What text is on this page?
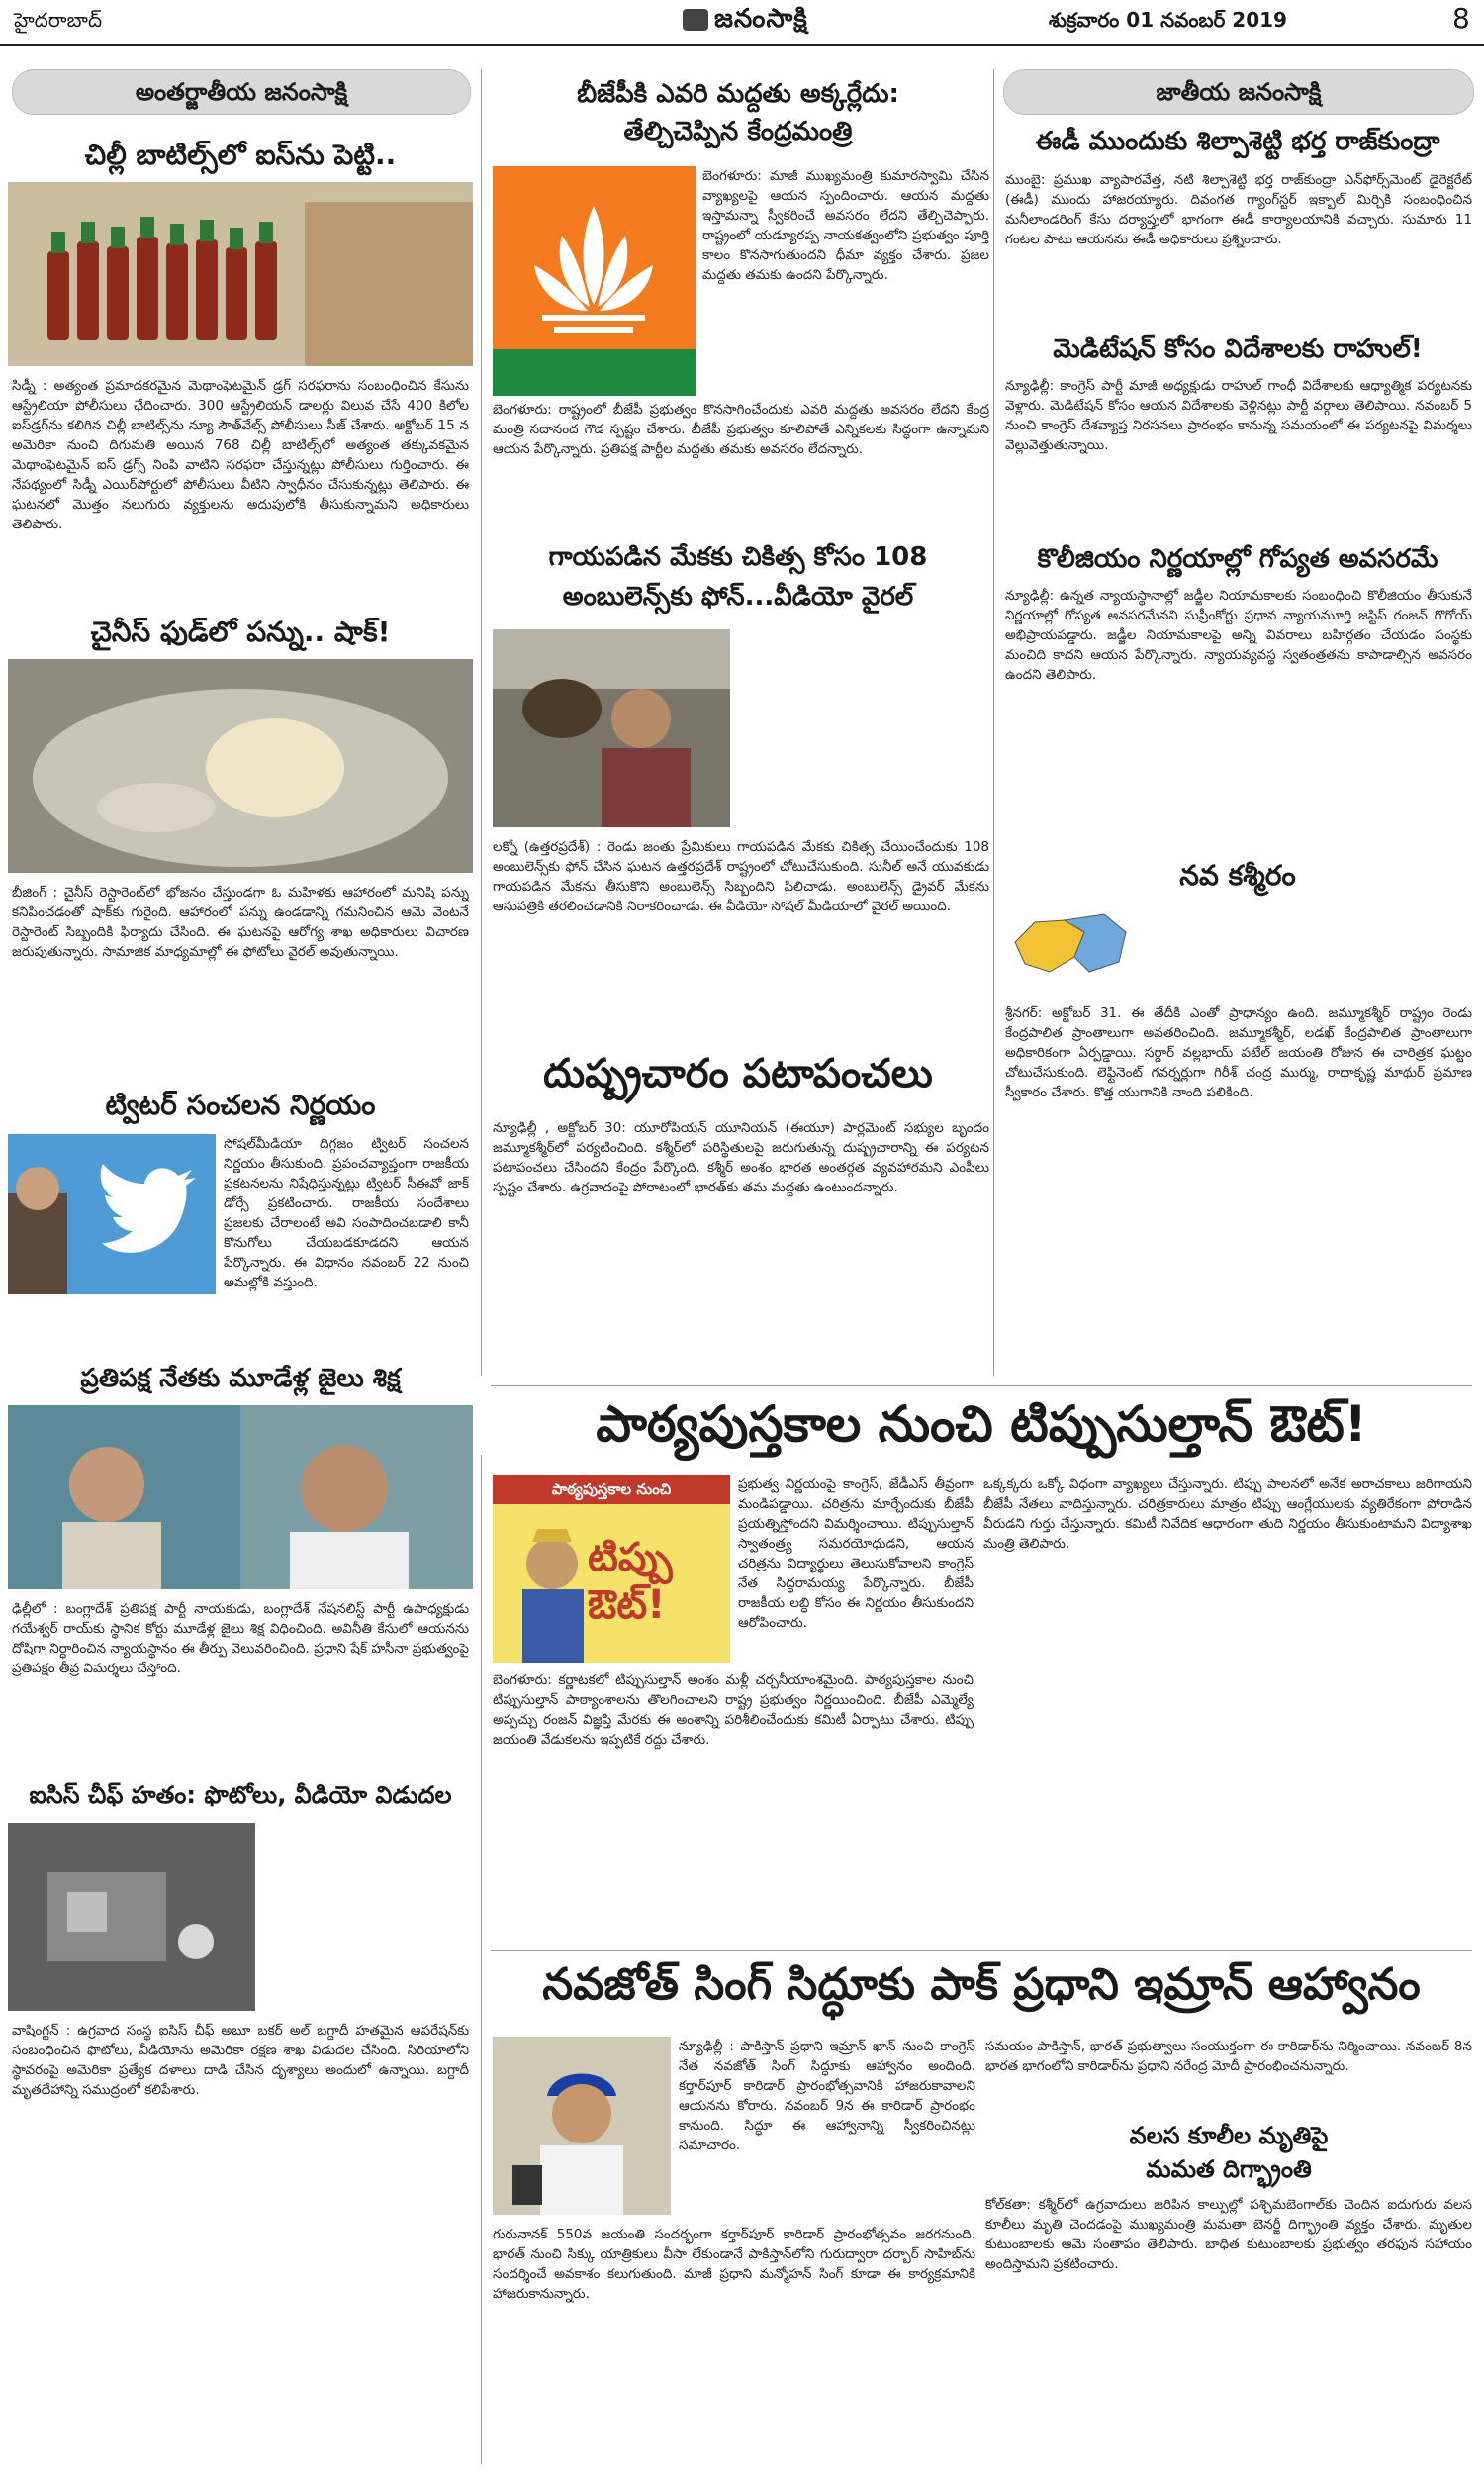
హైదరాబాద్	జనంసాక్షి	శుక్రవారం 01 నవంబర్ 2019	8
అంతర్జాతీయ జనంసాక్షి
చిల్లీ బాటిల్స్‌లో ఐస్‌ను పెట్టి..
సిడ్నీ : అత్యంత ప్రమాదకరమైన మెథాంఫెటమైన్ డ్రగ్ సరఫరాను సంబంధించిన కేసును ఆస్ట్రేలియా పోలీసులు ఛేదించారు. 300 ఆస్ట్రేలియన్ డాలర్లు విలువ చేసే 400 కిలోల ఐస్‌డ్రగ్‌ను కలిగిన చిల్లీ బాటిల్స్‌ను న్యూ సౌత్‌వేల్స్ పోలీసులు సీజ్ చేశారు. అక్టోబర్ 15 న అమెరికా నుంచి దిగుమతి అయిన 768 చిల్లీ బాటిల్స్‌లో అత్యంత తక్కువకమైన మెథాంఫెటమైన్ ఐస్ డ్రగ్స్ నింపి వాటిని సరఫరా చేస్తున్నట్లు పోలీసులు గుర్తించారు. ఈ నేపథ్యంలో సిడ్నీ ఎయిర్‌పోర్టులో పోలీసులు వీటిని స్వాధీనం చేసుకున్నట్లు తెలిపారు. ఈ ఘటనలో మొత్తం నలుగురు వ్యక్తులను అదుపులోకి తీసుకున్నామని అధికారులు తెలిపారు.
చైనీస్ ఫుడ్‌లో పన్ను.. షాక్!
బీజింగ్ : చైనీస్ రెస్టారెంట్‌లో భోజనం చేస్తుండగా ఓ మహిళకు ఆహారంలో మనిషి పన్ను కనిపించడంతో షాక్‌కు గురైంది. ఆహారంలో పన్ను ఉండడాన్ని గమనించిన ఆమె వెంటనే రెస్టారెంట్ సిబ్బందికి ఫిర్యాదు చేసింది. ఈ ఘటనపై ఆరోగ్య శాఖ అధికారులు విచారణ జరుపుతున్నారు. సామాజిక మాధ్యమాల్లో ఈ ఫోటోలు వైరల్ అవుతున్నాయి.
ట్విటర్ సంచలన నిర్ణయం
సోషల్‌మీడియా దిగ్గజం ట్విటర్ సంచలన నిర్ణయం తీసుకుంది. ప్రపంచవ్యాప్తంగా రాజకీయ ప్రకటనలను నిషేధిస్తున్నట్లు ట్విటర్ సీఈవో జాక్ డోర్సే ప్రకటించారు. రాజకీయ సందేశాలు ప్రజలకు చేరాలంటే అవి సంపాదించబడాలి కానీ కొనుగోలు చేయబడకూడదని ఆయన పేర్కొన్నారు. ఈ విధానం నవంబర్ 22 నుంచి అమల్లోకి వస్తుంది.
ప్రతిపక్ష నేతకు మూడేళ్ల జైలు శిక్ష
ఢిల్లీలో : బంగ్లాదేశ్ ప్రతిపక్ష పార్టీ నాయకుడు, బంగ్లాదేశ్ నేషనలిస్ట్ పార్టీ ఉపాధ్యక్షుడు గయేశ్వర్ రాయ్‌కు స్థానిక కోర్టు మూడేళ్ల జైలు శిక్ష విధించింది. అవినీతి కేసులో ఆయనను దోషిగా నిర్ధారించిన న్యాయస్థానం ఈ తీర్పు వెలువరించింది. ప్రధాని షేక్ హసీనా ప్రభుత్వంపై ప్రతిపక్షం తీవ్ర విమర్శలు చేస్తోంది.
ఐసిస్ చీఫ్ హతం: ఫొటోలు, వీడియో విడుదల
వాషింగ్టన్ : ఉగ్రవాద సంస్థ ఐసిస్ చీఫ్ అబూ బకర్ అల్ బగ్దాదీ హతమైన ఆపరేషన్‌కు సంబంధించిన ఫొటోలు, వీడియోను అమెరికా రక్షణ శాఖ విడుదల చేసింది. సిరియాలోని స్థావరంపై అమెరికా ప్రత్యేక దళాలు దాడి చేసిన దృశ్యాలు అందులో ఉన్నాయి. బగ్దాదీ మృతదేహాన్ని సముద్రంలో కలిపేశారు.
బీజేపీకి ఎవరి మద్దతు అక్కర్లేదు:
తేల్చిచెప్పిన కేంద్రమంత్రి
బెంగళూరు: మాజీ ముఖ్యమంత్రి కుమారస్వామి చేసిన వ్యాఖ్యలపై ఆయన స్పందించారు. ఆయన మద్దతు ఇస్తామన్నా స్వీకరించే అవసరం లేదని తేల్చిచెప్పారు. రాష్ట్రంలో యడ్యూరప్ప నాయకత్వంలోని ప్రభుత్వం పూర్తి కాలం కొనసాగుతుందని ధీమా వ్యక్తం చేశారు. ప్రజల మద్దతు తమకు ఉందని పేర్కొన్నారు.
బెంగళూరు: రాష్ట్రంలో బీజేపీ ప్రభుత్వం కొనసాగించేందుకు ఎవరి మద్దతు అవసరం లేదని కేంద్ర మంత్రి సదానంద గౌడ స్పష్టం చేశారు. బీజేపీ ప్రభుత్వం కూలిపోతే ఎన్నికలకు సిద్ధంగా ఉన్నామని ఆయన పేర్కొన్నారు. ప్రతిపక్ష పార్టీల మద్దతు తమకు అవసరం లేదన్నారు.
గాయపడిన మేకకు చికిత్స కోసం 108
అంబులెన్స్‌కు ఫోన్...వీడియో వైరల్
లక్నో (ఉత్తరప్రదేశ్) : రెండు జంతు ప్రేమికులు గాయపడిన మేకకు చికిత్స చేయించేందుకు 108 అంబులెన్స్‌కు ఫోన్ చేసిన ఘటన ఉత్తరప్రదేశ్ రాష్ట్రంలో చోటుచేసుకుంది. సునీల్ అనే యువకుడు గాయపడిన మేకను తీసుకొని అంబులెన్స్ సిబ్బందిని పిలిచాడు. అంబులెన్స్ డ్రైవర్ మేకను ఆసుపత్రికి తరలించడానికి నిరాకరించాడు. ఈ వీడియో సోషల్ మీడియాలో వైరల్ అయింది.
దుష్ప్రచారం పటాపంచలు
న్యూఢిల్లీ , అక్టోబర్ 30: యూరోపియన్ యూనియన్ (ఈయూ) పార్లమెంట్ సభ్యుల బృందం జమ్మూకశ్మీర్‌లో పర్యటించింది. కశ్మీర్‌లో పరిస్థితులపై జరుగుతున్న దుష్ప్రచారాన్ని ఈ పర్యటన పటాపంచలు చేసిందని కేంద్రం పేర్కొంది. కశ్మీర్ అంశం భారత అంతర్గత వ్యవహారమని ఎంపీలు స్పష్టం చేశారు. ఉగ్రవాదంపై పోరాటంలో భారత్‌కు తమ మద్దతు ఉంటుందన్నారు.
జాతీయ జనంసాక్షి
ఈడీ ముందుకు శిల్పాశెట్టి భర్త రాజ్‌కుంద్రా
ముంబై: ప్రముఖ వ్యాపారవేత్త, నటి శిల్పాశెట్టి భర్త రాజ్‌కుంద్రా ఎన్‌ఫోర్స్‌మెంట్ డైరెక్టరేట్ (ఈడీ) ముందు హాజరయ్యారు. దివంగత గ్యాంగ్‌స్టర్ ఇక్బాల్ మిర్చికి సంబంధించిన మనీలాండరింగ్ కేసు దర్యాప్తులో భాగంగా ఈడీ కార్యాలయానికి వచ్చారు. సుమారు 11 గంటల పాటు ఆయనను ఈడీ అధికారులు ప్రశ్నించారు.
మెడిటేషన్ కోసం విదేశాలకు రాహుల్!
న్యూఢిల్లీ: కాంగ్రెస్ పార్టీ మాజీ అధ్యక్షుడు రాహుల్ గాంధీ విదేశాలకు ఆధ్యాత్మిక పర్యటనకు వెళ్లారు. మెడిటేషన్ కోసం ఆయన విదేశాలకు వెళ్లినట్లు పార్టీ వర్గాలు తెలిపాయి. నవంబర్ 5 నుంచి కాంగ్రెస్ దేశవ్యాప్త నిరసనలు ప్రారంభం కానున్న సమయంలో ఈ పర్యటనపై విమర్శలు వెల్లువెత్తుతున్నాయి.
కొలీజియం నిర్ణయాల్లో గోప్యత అవసరమే
న్యూఢిల్లీ: ఉన్నత న్యాయస్థానాల్లో జడ్జీల నియామకాలకు సంబంధించి కొలీజియం తీసుకునే నిర్ణయాల్లో గోప్యత అవసరమేనని సుప్రీంకోర్టు ప్రధాన న్యాయమూర్తి జస్టిస్ రంజన్ గొగోయ్ అభిప్రాయపడ్డారు. జడ్జీల నియామకాలపై అన్ని వివరాలు బహిర్గతం చేయడం సంస్థకు మంచిది కాదని ఆయన పేర్కొన్నారు. న్యాయవ్యవస్థ స్వతంత్రతను కాపాడాల్సిన అవసరం ఉందని తెలిపారు.
నవ కశ్మీరం
శ్రీనగర్: అక్టోబర్ 31. ఈ తేదీకి ఎంతో ప్రాధాన్యం ఉంది. జమ్మూకశ్మీర్ రాష్ట్రం రెండు కేంద్రపాలిత ప్రాంతాలుగా అవతరించింది. జమ్మూకశ్మీర్, లడఖ్ కేంద్రపాలిత ప్రాంతాలుగా అధికారికంగా ఏర్పడ్డాయి. సర్దార్ వల్లభాయ్ పటేల్ జయంతి రోజున ఈ చారిత్రక ఘట్టం చోటుచేసుకుంది. లెఫ్టినెంట్ గవర్నర్లుగా గిరీశ్ చంద్ర ముర్ము, రాధాకృష్ణ మాథుర్ ప్రమాణ స్వీకారం చేశారు. కొత్త యుగానికి నాంది పలికింది.
పాఠ్యపుస్తకాల నుంచి టిప్పుసుల్తాన్ ఔట్!
పాఠ్యపుస్తకాల నుంచి
టిప్పు ఔట్!
బెంగళూరు: కర్ణాటకలో టిప్పుసుల్తాన్ అంశం మళ్లీ చర్చనీయాంశమైంది. పాఠ్యపుస్తకాల నుంచి టిప్పుసుల్తాన్ పాఠ్యాంశాలను తొలగించాలని రాష్ట్ర ప్రభుత్వం నిర్ణయించింది. బీజేపీ ఎమ్మెల్యే అప్పచ్చు రంజన్ విజ్ఞప్తి మేరకు ఈ అంశాన్ని పరిశీలించేందుకు కమిటీ ఏర్పాటు చేశారు. టిప్పు జయంతి వేడుకలను ఇప్పటికే రద్దు చేశారు.
ప్రభుత్వ నిర్ణయంపై కాంగ్రెస్, జేడీఎస్ తీవ్రంగా మండిపడ్డాయి. చరిత్రను మార్చేందుకు బీజేపీ ప్రయత్నిస్తోందని విమర్శించాయి. టిప్పుసుల్తాన్ స్వాతంత్ర్య సమరయోధుడని, ఆయన చరిత్రను విద్యార్థులు తెలుసుకోవాలని కాంగ్రెస్ నేత సిద్ధరామయ్య పేర్కొన్నారు. బీజేపీ రాజకీయ లబ్ధి కోసం ఈ నిర్ణయం తీసుకుందని ఆరోపించారు.
ఒక్కక్కరు ఒక్కో విధంగా వ్యాఖ్యలు చేస్తున్నారు. టిప్పు పాలనలో అనేక అరాచకాలు జరిగాయని బీజేపీ నేతలు వాదిస్తున్నారు. చరిత్రకారులు మాత్రం టిప్పు ఆంగ్లేయులకు వ్యతిరేకంగా పోరాడిన వీరుడని గుర్తు చేస్తున్నారు. కమిటీ నివేదిక ఆధారంగా తుది నిర్ణయం తీసుకుంటామని విద్యాశాఖ మంత్రి తెలిపారు.
నవజోత్ సింగ్ సిద్ధూకు పాక్ ప్రధాని ఇమ్రాన్ ఆహ్వానం
న్యూఢిల్లీ : పాకిస్తాన్ ప్రధాని ఇమ్రాన్ ఖాన్ నుంచి కాంగ్రెస్ నేత నవజోత్ సింగ్ సిద్ధూకు ఆహ్వానం అందింది. కర్తార్‌పూర్ కారిడార్ ప్రారంభోత్సవానికి హాజరుకావాలని ఆయనను కోరారు. నవంబర్ 9న ఈ కారిడార్ ప్రారంభం కానుంది. సిద్ధూ ఈ ఆహ్వానాన్ని స్వీకరించినట్లు సమాచారం.
గురునానక్ 550వ జయంతి సందర్భంగా కర్తార్‌పూర్ కారిడార్ ప్రారంభోత్సవం జరగనుంది. భారత్ నుంచి సిక్కు యాత్రికులు వీసా లేకుండానే పాకిస్తాన్‌లోని గురుద్వారా దర్బార్ సాహిబ్‌ను సందర్శించే అవకాశం కలుగుతుంది. మాజీ ప్రధాని మన్మోహన్ సింగ్ కూడా ఈ కార్యక్రమానికి హాజరుకానున్నారు.
సమయం పాకిస్తాన్, భారత్ ప్రభుత్వాలు సంయుక్తంగా ఈ కారిడార్‌ను నిర్మించాయి. నవంబర్ 8న భారత భాగంలోని కారిడార్‌ను ప్రధాని నరేంద్ర మోదీ ప్రారంభించనున్నారు.
వలస కూలీల మృతిపై
మమత దిగ్భ్రాంతి
కోల్‌కతా: కశ్మీర్‌లో ఉగ్రవాదులు జరిపిన కాల్పుల్లో పశ్చిమబెంగాల్‌కు చెందిన ఐదుగురు వలస కూలీలు మృతి చెందడంపై ముఖ్యమంత్రి మమతా బెనర్జీ దిగ్భ్రాంతి వ్యక్తం చేశారు. మృతుల కుటుంబాలకు ఆమె సంతాపం తెలిపారు. బాధిత కుటుంబాలకు ప్రభుత్వం తరఫున సహాయం అందిస్తామని ప్రకటించారు.
